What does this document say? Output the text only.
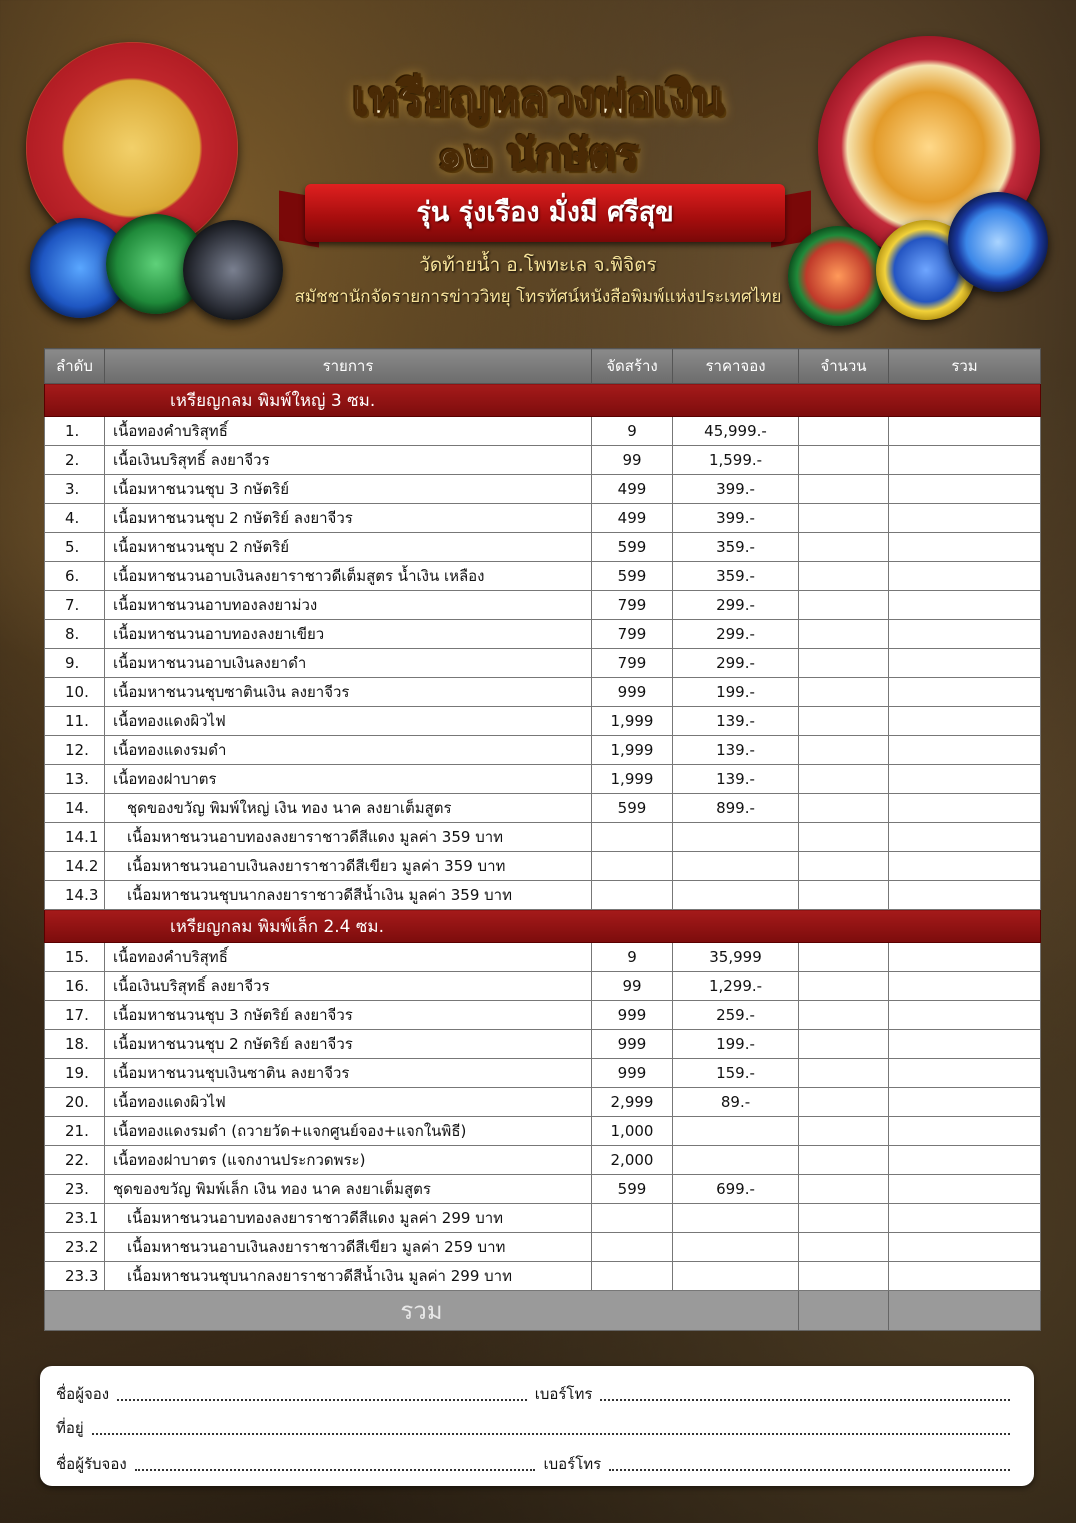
เหรียญหลวงพ่อเงิน
๑๒ นักษัตร
รุ่น รุ่งเรือง มั่งมี ศรีสุข
วัดท้ายน้ำ อ.โพทะเล จ.พิจิตร
สมัชชานักจัดรายการข่าววิทยุ โทรทัศน์หนังสือพิมพ์แห่งประเทศไทย
ลำดับ	รายการ	จัดสร้าง	ราคาจอง	จำนวน	รวม
เหรียญกลม พิมพ์ใหญ่ 3 ซม.					
1.	เนื้อทองคำบริสุทธิ์	9	45,999.-		
2.	เนื้อเงินบริสุทธิ์ ลงยาจีวร	99	1,599.-		
3.	เนื้อมหาชนวนชุบ 3 กษัตริย์	499	399.-		
4.	เนื้อมหาชนวนชุบ 2 กษัตริย์ ลงยาจีวร	499	399.-		
5.	เนื้อมหาชนวนชุบ 2 กษัตริย์	599	359.-		
6.	เนื้อมหาชนวนอาบเงินลงยาราชาวดีเต็มสูตร น้ำเงิน เหลือง	599	359.-		
7.	เนื้อมหาชนวนอาบทองลงยาม่วง	799	299.-		
8.	เนื้อมหาชนวนอาบทองลงยาเขียว	799	299.-		
9.	เนื้อมหาชนวนอาบเงินลงยาดำ	799	299.-		
10.	เนื้อมหาชนวนชุบซาตินเงิน ลงยาจีวร	999	199.-		
11.	เนื้อทองแดงผิวไฟ	1,999	139.-		
12.	เนื้อทองแดงรมดำ	1,999	139.-		
13.	เนื้อทองฝาบาตร	1,999	139.-		
14.	ชุดของขวัญ พิมพ์ใหญ่ เงิน ทอง นาค ลงยาเต็มสูตร	599	899.-		
14.1	เนื้อมหาชนวนอาบทองลงยาราชาวดีสีแดง มูลค่า 359 บาท				
14.2	เนื้อมหาชนวนอาบเงินลงยาราชาวดีสีเขียว มูลค่า 359 บาท				
14.3	เนื้อมหาชนวนชุบนากลงยาราชาวดีสีน้ำเงิน มูลค่า 359 บาท				
เหรียญกลม พิมพ์เล็ก 2.4 ซม.					
15.	เนื้อทองคำบริสุทธิ์	9	35,999		
16.	เนื้อเงินบริสุทธิ์ ลงยาจีวร	99	1,299.-		
17.	เนื้อมหาชนวนชุบ 3 กษัตริย์ ลงยาจีวร	999	259.-		
18.	เนื้อมหาชนวนชุบ 2 กษัตริย์ ลงยาจีวร	999	199.-		
19.	เนื้อมหาชนวนชุบเงินซาติน ลงยาจีวร	999	159.-		
20.	เนื้อทองแดงผิวไฟ	2,999	89.-		
21.	เนื้อทองแดงรมดำ (ถวายวัด+แจกศูนย์จอง+แจกในพิธี)	1,000			
22.	เนื้อทองฝาบาตร (แจกงานประกวดพระ)	2,000			
23.	ชุดของขวัญ พิมพ์เล็ก เงิน ทอง นาค ลงยาเต็มสูตร	599	699.-		
23.1	เนื้อมหาชนวนอาบทองลงยาราชาวดีสีแดง มูลค่า 299 บาท				
23.2	เนื้อมหาชนวนอาบเงินลงยาราชาวดีสีเขียว มูลค่า 259 บาท				
23.3	เนื้อมหาชนวนชุบนากลงยาราชาวดีสีน้ำเงิน มูลค่า 299 บาท				
รวม					
ชื่อผู้จอง	เบอร์โทร
ที่อยู่
ชื่อผู้รับจอง	เบอร์โทร
